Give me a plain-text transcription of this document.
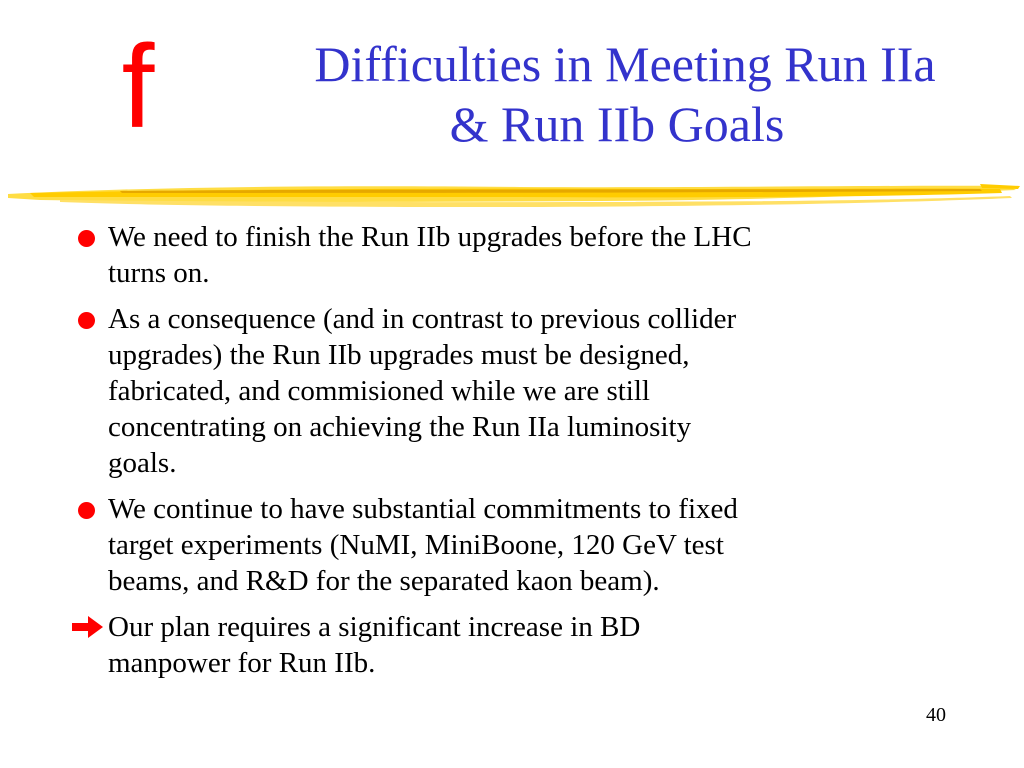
f	Difficulties in Meeting Run IIa
& Run IIb Goals
We need to finish the Run IIb upgrades before the LHC
turns on.
As a consequence (and in contrast to previous collider
upgrades) the Run IIb upgrades must be designed,
fabricated, and commisioned while we are still
concentrating on achieving the Run IIa luminosity
goals.
We continue to have substantial commitments to fixed
target experiments (NuMI, MiniBoone, 120 GeV test
beams, and R&D for the separated kaon beam).
Our plan requires a significant increase in BD
manpower for Run IIb.
40
